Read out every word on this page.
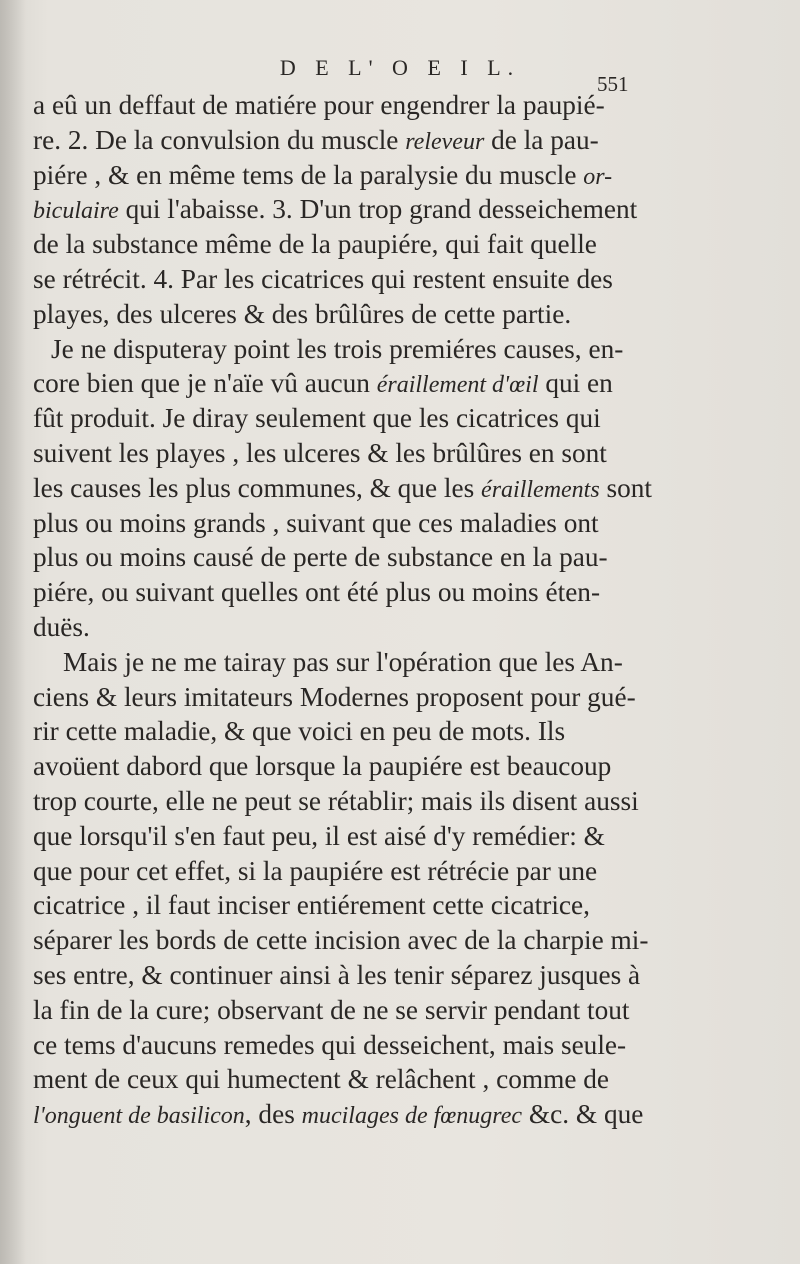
D E L' O E I L.
551
a eû un deffaut de matiére pour engendrer la paupié-
re. 2. De la convulsion du muscle releveur de la pau-
piére , & en même tems de la paralysie du muscle or-
biculaire qui l'abaisse. 3. D'un trop grand desseichement
de la substance même de la paupiére, qui fait quelle
se rétrécit. 4. Par les cicatrices qui restent ensuite des
playes, des ulceres & des brûlûres de cette partie.
Je ne disputeray point les trois premiéres causes, en-
core bien que je n'aïe vû aucun éraillement d'œil qui en
fût produit. Je diray seulement que les cicatrices qui
suivent les playes , les ulceres & les brûlûres en sont
les causes les plus communes, & que les éraillements sont
plus ou moins grands , suivant que ces maladies ont
plus ou moins causé de perte de substance en la pau-
piére, ou suivant quelles ont été plus ou moins éten-
duës.
Mais je ne me tairay pas sur l'opération que les An-
ciens & leurs imitateurs Modernes proposent pour gué-
rir cette maladie, & que voici en peu de mots. Ils
avoüent dabord que lorsque la paupiére est beaucoup
trop courte, elle ne peut se rétablir; mais ils disent aussi
que lorsqu'il s'en faut peu, il est aisé d'y remédier: &
que pour cet effet, si la paupiére est rétrécie par une
cicatrice , il faut inciser entiérement cette cicatrice,
séparer les bords de cette incision avec de la charpie mi-
ses entre, & continuer ainsi à les tenir séparez jusques à
la fin de la cure; observant de ne se servir pendant tout
ce tems d'aucuns remedes qui desseichent, mais seule-
ment de ceux qui humectent & relâchent , comme de
l'onguent de basilicon, des mucilages de fœnugrec &c. & que
